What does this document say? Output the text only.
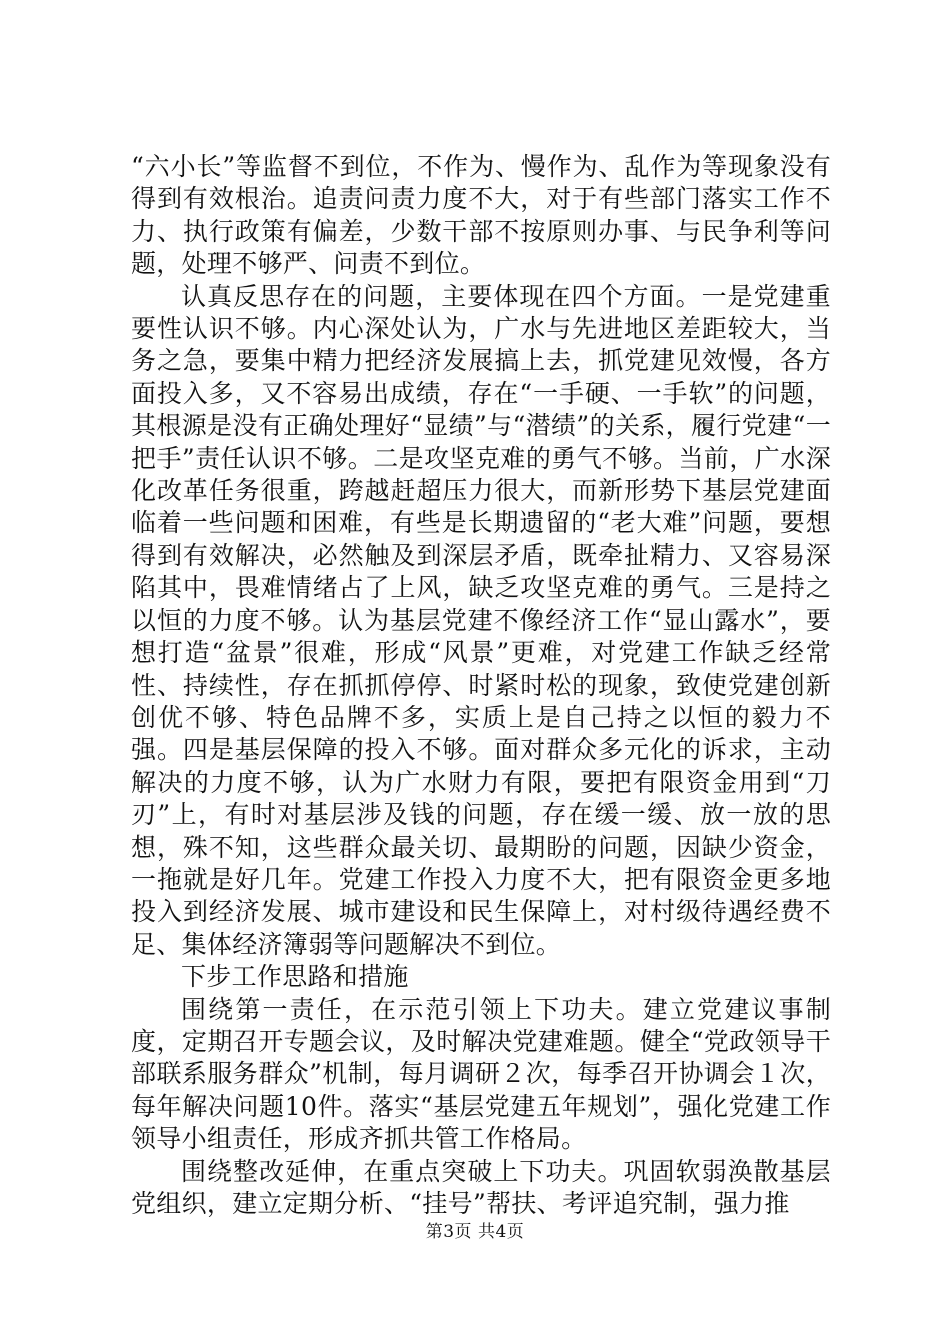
“六小长”等监督不到位，不作为、慢作为、乱作为等现象没有得到有效根治。追责问责力度不大，对于有些部门落实工作不力、执行政策有偏差，少数干部不按原则办事、与民争利等问题，处理不够严、问责不到位。

认真反思存在的问题，主要体现在四个方面。一是党建重要性认识不够。内心深处认为，广水与先进地区差距较大，当务之急，要集中精力把经济发展搞上去，抓党建见效慢，各方面投入多，又不容易出成绩，存在“一手硬、一手软”的问题，其根源是没有正确处理好“显绩”与“潜绩”的关系，履行党建“一把手”责任认识不够。二是攻坚克难的勇气不够。当前，广水深化改革任务很重，跨越赶超压力很大，而新形势下基层党建面临着一些问题和困难，有些是长期遗留的“老大难”问题，要想得到有效解决，必然触及到深层矛盾，既牵扯精力、又容易深陷其中，畏难情绪占了上风，缺乏攻坚克难的勇气。三是持之以恒的力度不够。认为基层党建不像经济工作“显山露水”，要想打造“盆景”很难，形成“风景”更难，对党建工作缺乏经常性、持续性，存在抓抓停停、时紧时松的现象，致使党建创新创优不够、特色品牌不多，实质上是自己持之以恒的毅力不强。四是基层保障的投入不够。面对群众多元化的诉求，主动解决的力度不够，认为广水财力有限，要把有限资金用到“刀刃”上，有时对基层涉及钱的问题，存在缓一缓、放一放的思想，殊不知，这些群众最关切、最期盼的问题，因缺少资金，一拖就是好几年。党建工作投入力度不大，把有限资金更多地投入到经济发展、城市建设和民生保障上，对村级待遇经费不足、集体经济簿弱等问题解决不到位。

下步工作思路和措施

围绕第一责任，在示范引领上下功夫。建立党建议事制度，定期召开专题会议，及时解决党建难题。健全“党政领导干部联系服务群众”机制，每月调研２次，每季召开协调会１次，每年解决问题10件。落实“基层党建五年规划”，强化党建工作领导小组责任，形成齐抓共管工作格局。

围绕整改延伸，在重点突破上下功夫。巩固软弱涣散基层党组织，建立定期分析、“挂号”帮扶、考评追究制，强力推

第3页 共4页
